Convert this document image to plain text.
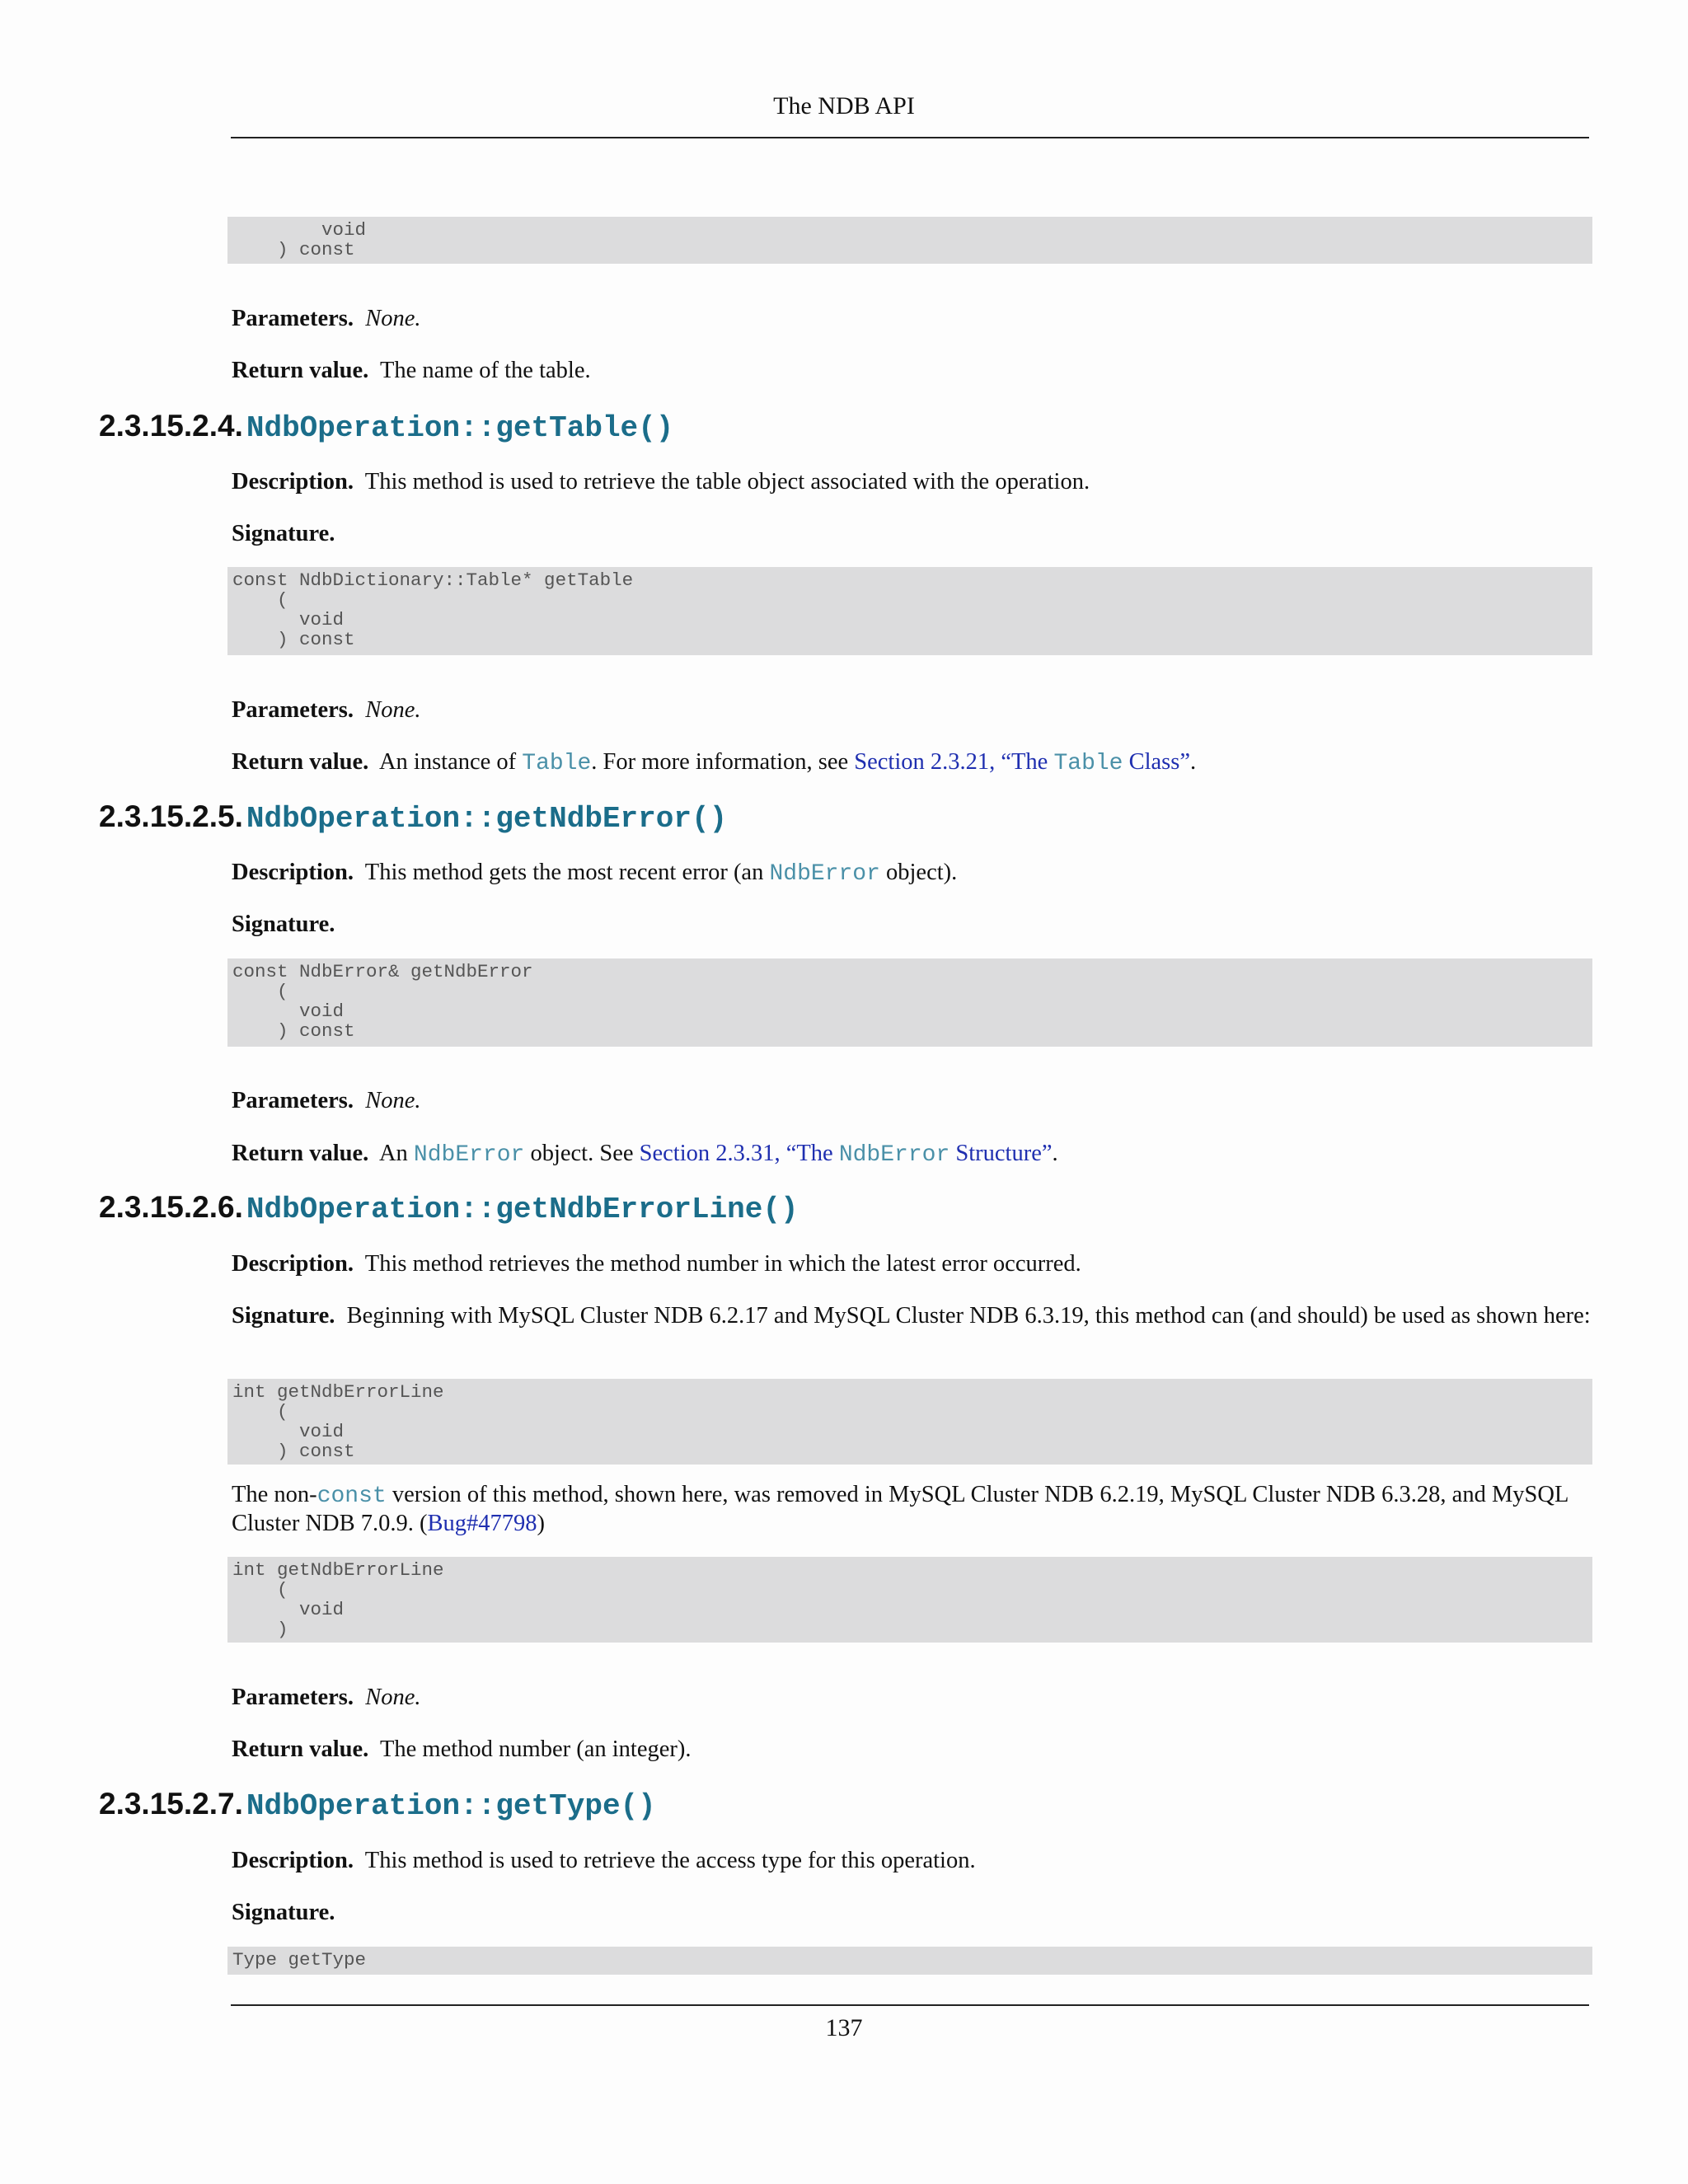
The NDB API
void
) const
Parameters. None.
Return value. The name of the table.
2.3.15.2.4. NdbOperation::getTable()
Description. This method is used to retrieve the table object associated with the operation.
Signature.
const NdbDictionary::Table* getTable
(
void
) const
Parameters. None.
Return value. An instance of Table. For more information, see Section 2.3.21, “The Table Class”.
2.3.15.2.5. NdbOperation::getNdbError()
Description. This method gets the most recent error (an NdbError object).
Signature.
const NdbError& getNdbError
(
void
) const
Parameters. None.
Return value. An NdbError object. See Section 2.3.31, “The NdbError Structure”.
2.3.15.2.6. NdbOperation::getNdbErrorLine()
Description. This method retrieves the method number in which the latest error occurred.
Signature. Beginning with MySQL Cluster NDB 6.2.17 and MySQL Cluster NDB 6.3.19, this method can (and should) be used as shown here:
int getNdbErrorLine
(
void
) const
The non-const version of this method, shown here, was removed in MySQL Cluster NDB 6.2.19, MySQL Cluster NDB 6.3.28, and MySQL Cluster NDB 7.0.9. (Bug#47798)
int getNdbErrorLine
(
void
)
Parameters. None.
Return value. The method number (an integer).
2.3.15.2.7. NdbOperation::getType()
Description. This method is used to retrieve the access type for this operation.
Signature.
Type getType
137
